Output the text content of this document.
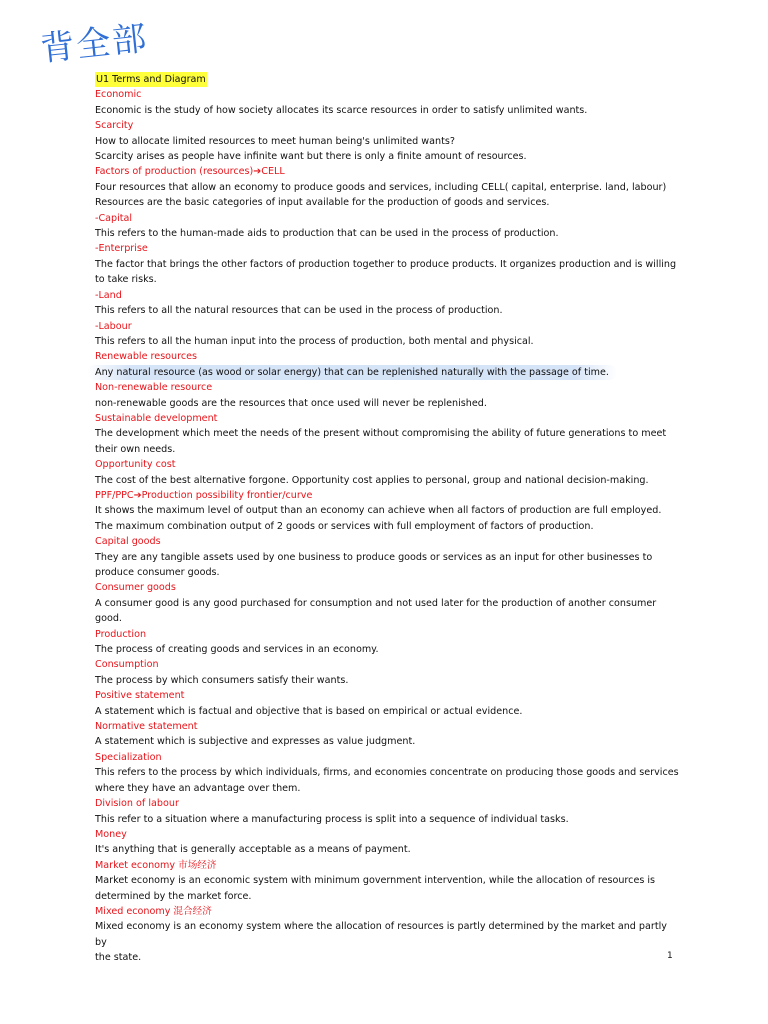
背全部

U1 Terms and Diagram

Economic

Economic is the study of how society allocates its scarce resources in order to satisfy unlimited wants.

Scarcity

How to allocate limited resources to meet human being's unlimited wants?

Scarcity arises as people have infinite want but there is only a finite amount of resources.

Factors of production (resources)➔CELL

Four resources that allow an economy to produce goods and services, including CELL( capital, enterprise. land, labour)

Resources are the basic categories of input available for the production of goods and services.

-Capital

This refers to the human-made aids to production that can be used in the process of production.

-Enterprise

The factor that brings the other factors of production together to produce products. It organizes production and is willing

to take risks.

-Land

This refers to all the natural resources that can be used in the process of production.

-Labour

This refers to all the human input into the process of production, both mental and physical.

Renewable resources

Any natural resource (as wood or solar energy) that can be replenished naturally with the passage of time.

Non-renewable resource

non-renewable goods are the resources that once used will never be replenished.

Sustainable development

The development which meet the needs of the present without compromising the ability of future generations to meet

their own needs.

Opportunity cost

The cost of the best alternative forgone. Opportunity cost applies to personal, group and national decision-making.

PPF/PPC➔Production possibility frontier/curve

It shows the maximum level of output than an economy can achieve when all factors of production are full employed.

The maximum combination output of 2 goods or services with full employment of factors of production.

Capital goods

They are any tangible assets used by one business to produce goods or services as an input for other businesses to

produce consumer goods.

Consumer goods

A consumer good is any good purchased for consumption and not used later for the production of another consumer

good.

Production

The process of creating goods and services in an economy.

Consumption

The process by which consumers satisfy their wants.

Positive statement

A statement which is factual and objective that is based on empirical or actual evidence.

Normative statement

A statement which is subjective and expresses as value judgment.

Specialization

This refers to the process by which individuals, firms, and economies concentrate on producing those goods and services

where they have an advantage over them.

Division of labour

This refer to a situation where a manufacturing process is split into a sequence of individual tasks.

Money

It's anything that is generally acceptable as a means of payment.

Market economy 市场经济

Market economy is an economic system with minimum government intervention, while the allocation of resources is

determined by the market force.

Mixed economy 混合经济

Mixed economy is an economy system where the allocation of resources is partly determined by the market and partly by

the state.	1
